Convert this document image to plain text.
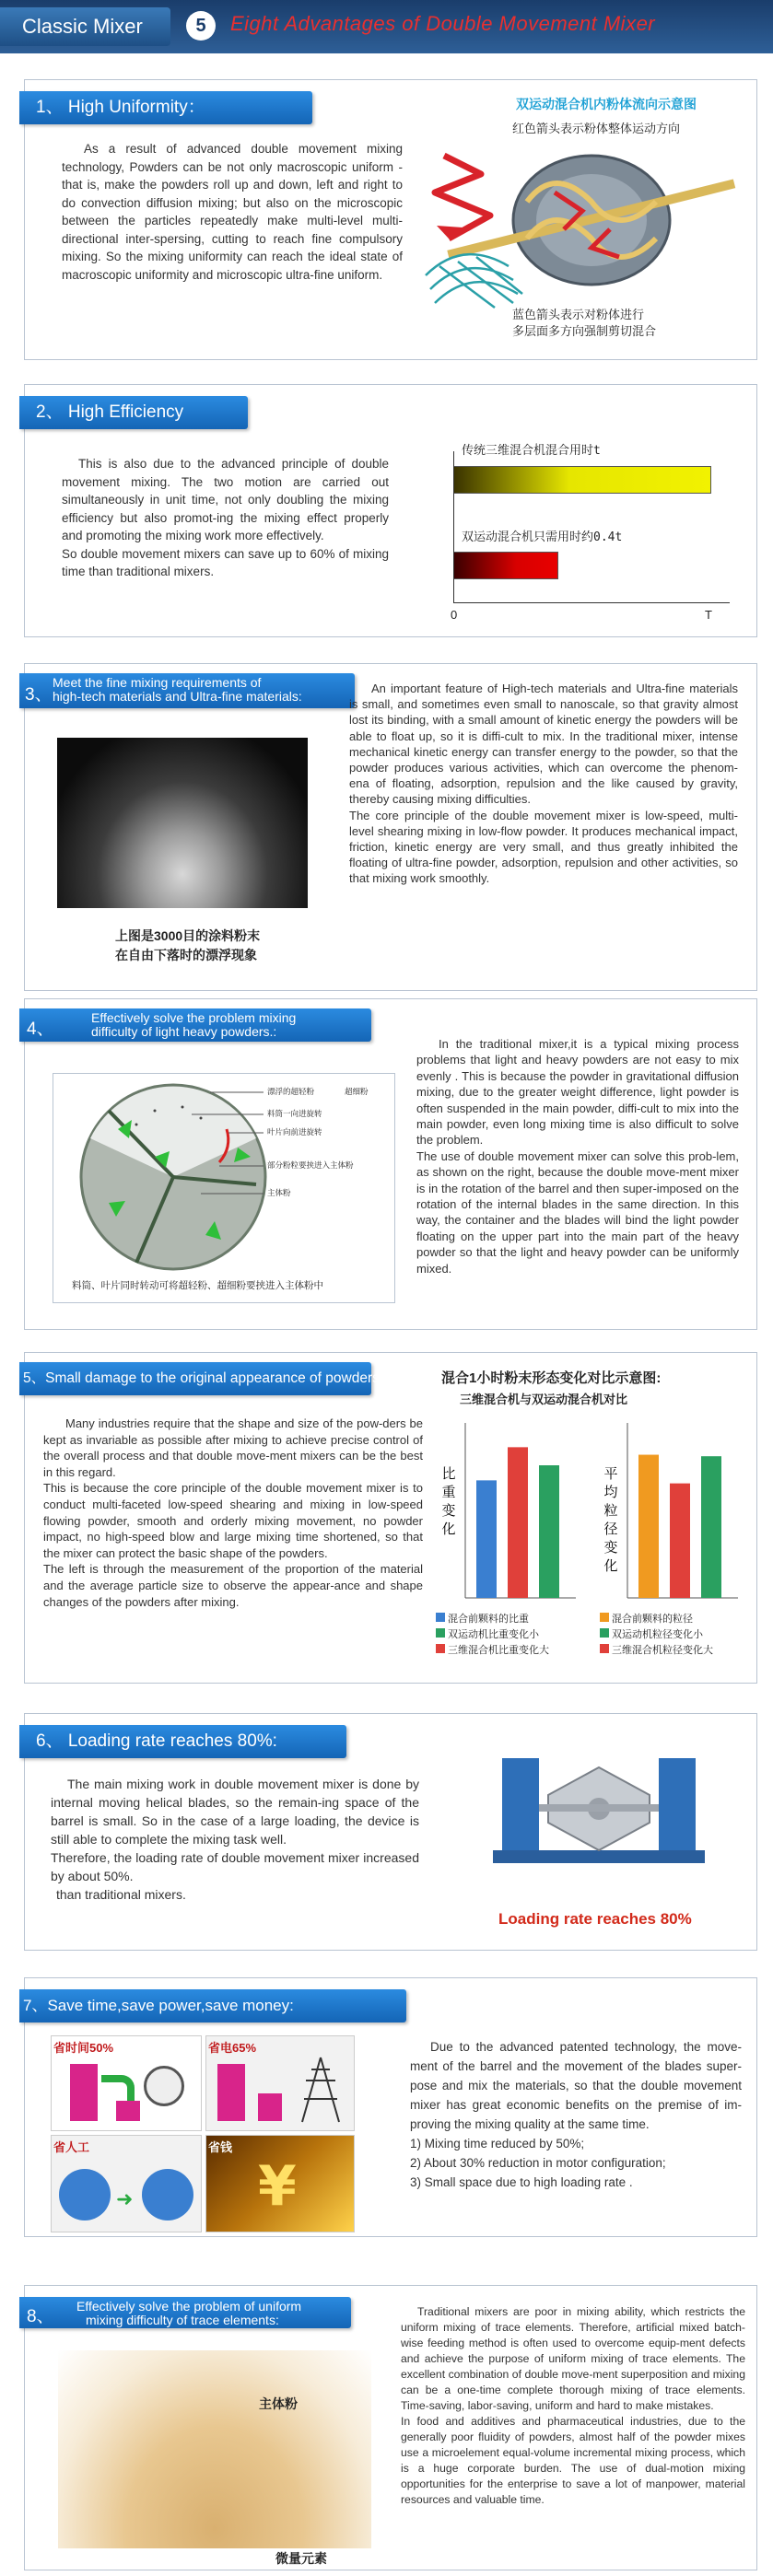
Classic Mixer	5	Eight Advantages of Double Movement Mixer
1、 High Uniformity：

As a result of advanced double movement mixing technology, Powders can be not only macroscopic uniform - that is, make the powders roll up and down, left and right to do convection diffusion mixing; but also on the microscopic between the particles repeatedly make multi-level multi-directional inter-spersing, cutting to reach fine compulsory mixing. So the mixing uniformity can reach the ideal state of macroscopic uniformity and microscopic ultra-fine uniform.

双运动混合机内粉体流向示意图
红色箭头表示粉体整体运动方向
蓝色箭头表示对粉体进行
多层面多方向强制剪切混合
2、 High Efficiency

This is also due to the advanced principle of double movement mixing. The two motion are carried out simultaneously in unit time, not only doubling the mixing efficiency but also promot-ing the mixing effect properly and promoting the mixing work more effectively.

So double movement mixers can save up to 60% of mixing time than traditional mixers.

传统三维混合机混合用时t
双运动混合机只需用时约0.4t
0	T
3、
Meet the fine mixing requirements of
high-tech materials and Ultra-fine materials:
上图是3000目的涂料粉末
在自由下落时的漂浮现象

An important feature of High-tech materials and Ultra-fine materials is small, and sometimes even small to nanoscale, so that gravity almost lost its binding, with a small amount of kinetic energy the powders will be able to float up, so it is diffi-cult to mix. In the traditional mixer, intense mechanical kinetic energy can transfer energy to the powder, so that the powder produces various activities, which can overcome the phenom-ena of floating, adsorption, repulsion and the like caused by gravity, thereby causing mixing difficulties.

The core principle of the double movement mixer is low-speed, multi-level shearing mixing in low-flow powder. It produces mechanical impact, friction, kinetic energy are very small, and thus greatly inhibited the floating of ultra-fine powder, adsorption, repulsion and other activities, so that mixing work smoothly.

4、
Effectively solve the problem mixing
difficulty of light heavy powders.:
漂浮的超轻粉	超细粉
料筒一向进旋转
叶片向前进旋转
部分粉粒要挟进入主体粉
主体粉
料筒、叶片同时转动可将超轻粉、超细粉要挟进入主体粉中

In the traditional mixer,it is a typical mixing process problems that light and heavy powders are not easy to mix evenly . This is because the powder in gravitational diffusion mixing, due to the greater weight difference, light powder is often suspended in the main powder, diffi-cult to mix into the main powder, even long mixing time is also difficult to solve the problem.

The use of double movement mixer can solve this prob-lem, as shown on the right, because the double move-ment mixer is in the rotation of the barrel and then super-imposed on the rotation of the internal blades in the same direction. In this way, the container and the blades will bind the light powder floating on the upper part into the main part of the heavy powder so that the light and heavy powder can be uniformly mixed.

5、Small damage to the original appearance of powders:

Many industries require that the shape and size of the pow-ders be kept as invariable as possible after mixing to achieve precise control of the overall process and that double move-ment mixers can be the best in this regard.

This is because the core principle of the double movement mixer is to conduct multi-faceted low-speed shearing and mixing in low-speed flowing powder, smooth and orderly mixing movement, no powder impact, no high-speed blow and large mixing time shortened, so that the mixer can protect the basic shape of the powders.

The left is through the measurement of the proportion of the material and the average particle size to observe the appear-ance and shape changes of the powders after mixing.

混合1小时粉末形态变化对比示意图:
三维混合机与双运动混合机对比
比
重
变
化
平
均
粒
径
变
化
混合前颗料的比重
双运动机比重变化小
三维混合机比重变化大
混合前颗料的粒径
双运动机粒径变化小
三维混合机粒径变化大
6、 Loading rate reaches 80%:

The main mixing work in double movement mixer is done by internal moving helical blades, so the remain-ing space of the barrel is small. So in the case of a large loading, the device is still able to complete the mixing task well.

Therefore, the loading rate of double movement mixer increased by about 50%.

than traditional mixers.

Loading rate reaches 80%
7、Save time,save power,save money:
省时间50%	省电65%
省人工
➜
省钱
¥

Due to the advanced patented technology, the move-ment of the barrel and the movement of the blades super-pose and mix the materials, so that the double movement mixer has great economic benefits on the premise of im-proving the mixing quality at the same time.

1) Mixing time reduced by 50%;

2) About 30% reduction in motor configuration;

3) Small space due to high loading rate .

8、
Effectively solve the problem of uniform
mixing difficulty of trace elements:
主体粉
微量元素

Traditional mixers are poor in mixing ability, which restricts the uniform mixing of trace elements. Therefore, artificial mixed batch-wise feeding method is often used to overcome equip-ment defects and achieve the purpose of uniform mixing of trace elements. The excellent combination of double move-ment superposition and mixing can be a one-time complete thorough mixing of trace elements. Time-saving, labor-saving, uniform and hard to make mistakes.

In food and additives and pharmaceutical industries, due to the generally poor fluidity of powders, almost half of the powder mixes use a microelement equal-volume incremental mixing process, which is a huge corporate burden. The use of dual-motion mixing opportunities for the enterprise to save a lot of manpower, material resources and valuable time.
